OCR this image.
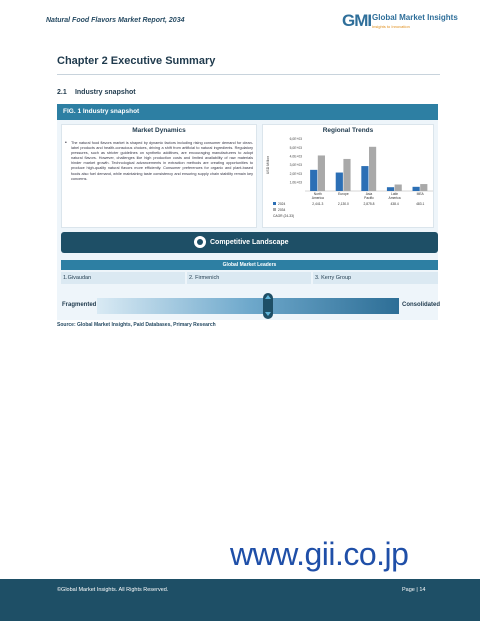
Natural Food Flavors Market Report, 2034	GMI Global Market Insights
Insights to Innovation
Chapter 2 Executive Summary
2.1 Industry snapshot
FIG. 1 Industry snapshot
Market Dynamics
• The natural food flavors market is shaped by dynamic factors including rising consumer demand for clean-label products and health-conscious choices, driving a shift from artificial to natural ingredients. Regulatory pressures, such as stricter guidelines on synthetic additives, are encouraging manufacturers to adopt natural flavors. However, challenges like high production costs and limited availability of raw materials hinder market growth. Technological advancements in extraction methods are creating opportunities to produce high-quality natural flavors more efficiently. Consumer preferences for organic and plant-based foods also fuel demand, while maintaining taste consistency and ensuring supply chain stability remain key concerns.
Regional Trends
USD Million
1,0E+03
2,0E+03
3,0E+03
4,0E+03
5,0E+03
6,0E+03
North
America
Europe	Asia
Pacific
Latin
America
MEA
2024	2,441.3	2,130.0	2,875.8	438.4	483.1
2034
CAGR (24-33)
Competitive Landscape
Global Market Leaders
1.Givaudan	2. Firmenich	3. Kerry Group
Fragmented	Consolidated
Source: Global Market Insights, Paid Databases, Primary Research
www.gii.co.jp
©Global Market Insights. All Rights Reserved.	Page | 14
